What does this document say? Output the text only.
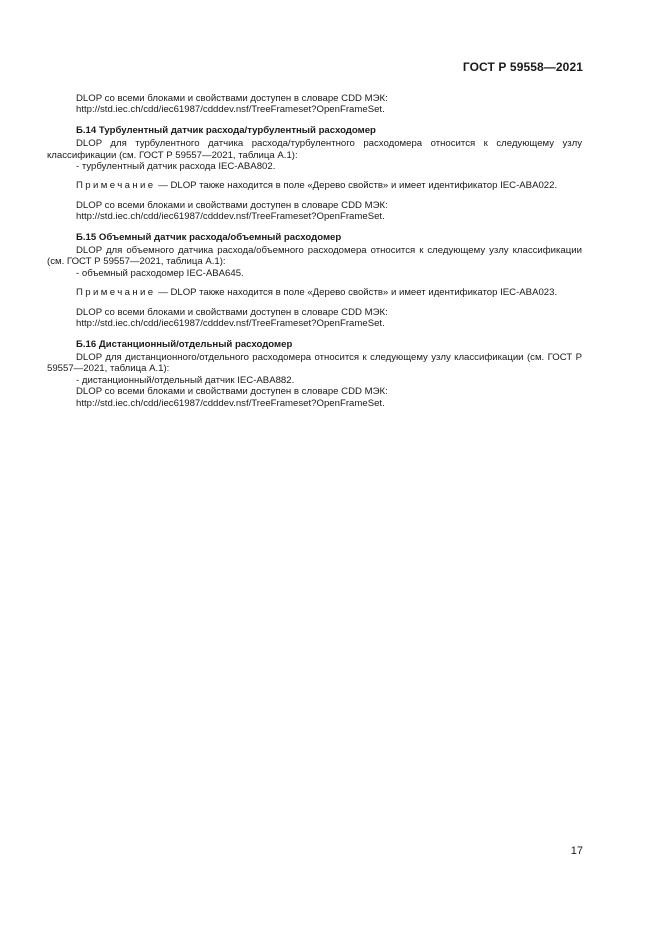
ГОСТ Р 59558—2021

DLOP со всеми блоками и свойствами доступен в словаре CDD МЭК:

http://std.iec.ch/cdd/iec61987/cdddev.nsf/TreeFrameset?OpenFrameSet.

Б.14 Турбулентный датчик расхода/турбулентный расходомер

DLOP для турбулентного датчика расхода/турбулентного расходомера относится к следующему узлу классификации (см. ГОСТ Р 59557—2021, таблица А.1):

- турбулентный датчик расхода IEC-ABA802.

Примечание — DLOP также находится в поле «Дерево свойств» и имеет идентификатор IEC-ABA022.

DLOP со всеми блоками и свойствами доступен в словаре CDD МЭК:

http://std.iec.ch/cdd/iec61987/cdddev.nsf/TreeFrameset?OpenFrameSet.

Б.15 Объемный датчик расхода/объемный расходомер

DLOP для объемного датчика расхода/объемного расходомера относится к следующему узлу классификации (см. ГОСТ Р 59557—2021, таблица А.1):

- объемный расходомер IEC-ABA645.

Примечание — DLOP также находится в поле «Дерево свойств» и имеет идентификатор IEC-ABA023.

DLOP со всеми блоками и свойствами доступен в словаре CDD МЭК:

http://std.iec.ch/cdd/iec61987/cdddev.nsf/TreeFrameset?OpenFrameSet.

Б.16 Дистанционный/отдельный расходомер

DLOP для дистанционного/отдельного расходомера относится к следующему узлу классификации (см. ГОСТ Р 59557—2021, таблица А.1):

- дистанционный/отдельный датчик IEC-ABA882.

DLOP со всеми блоками и свойствами доступен в словаре CDD МЭК:

http://std.iec.ch/cdd/iec61987/cdddev.nsf/TreeFrameset?OpenFrameSet.

17
